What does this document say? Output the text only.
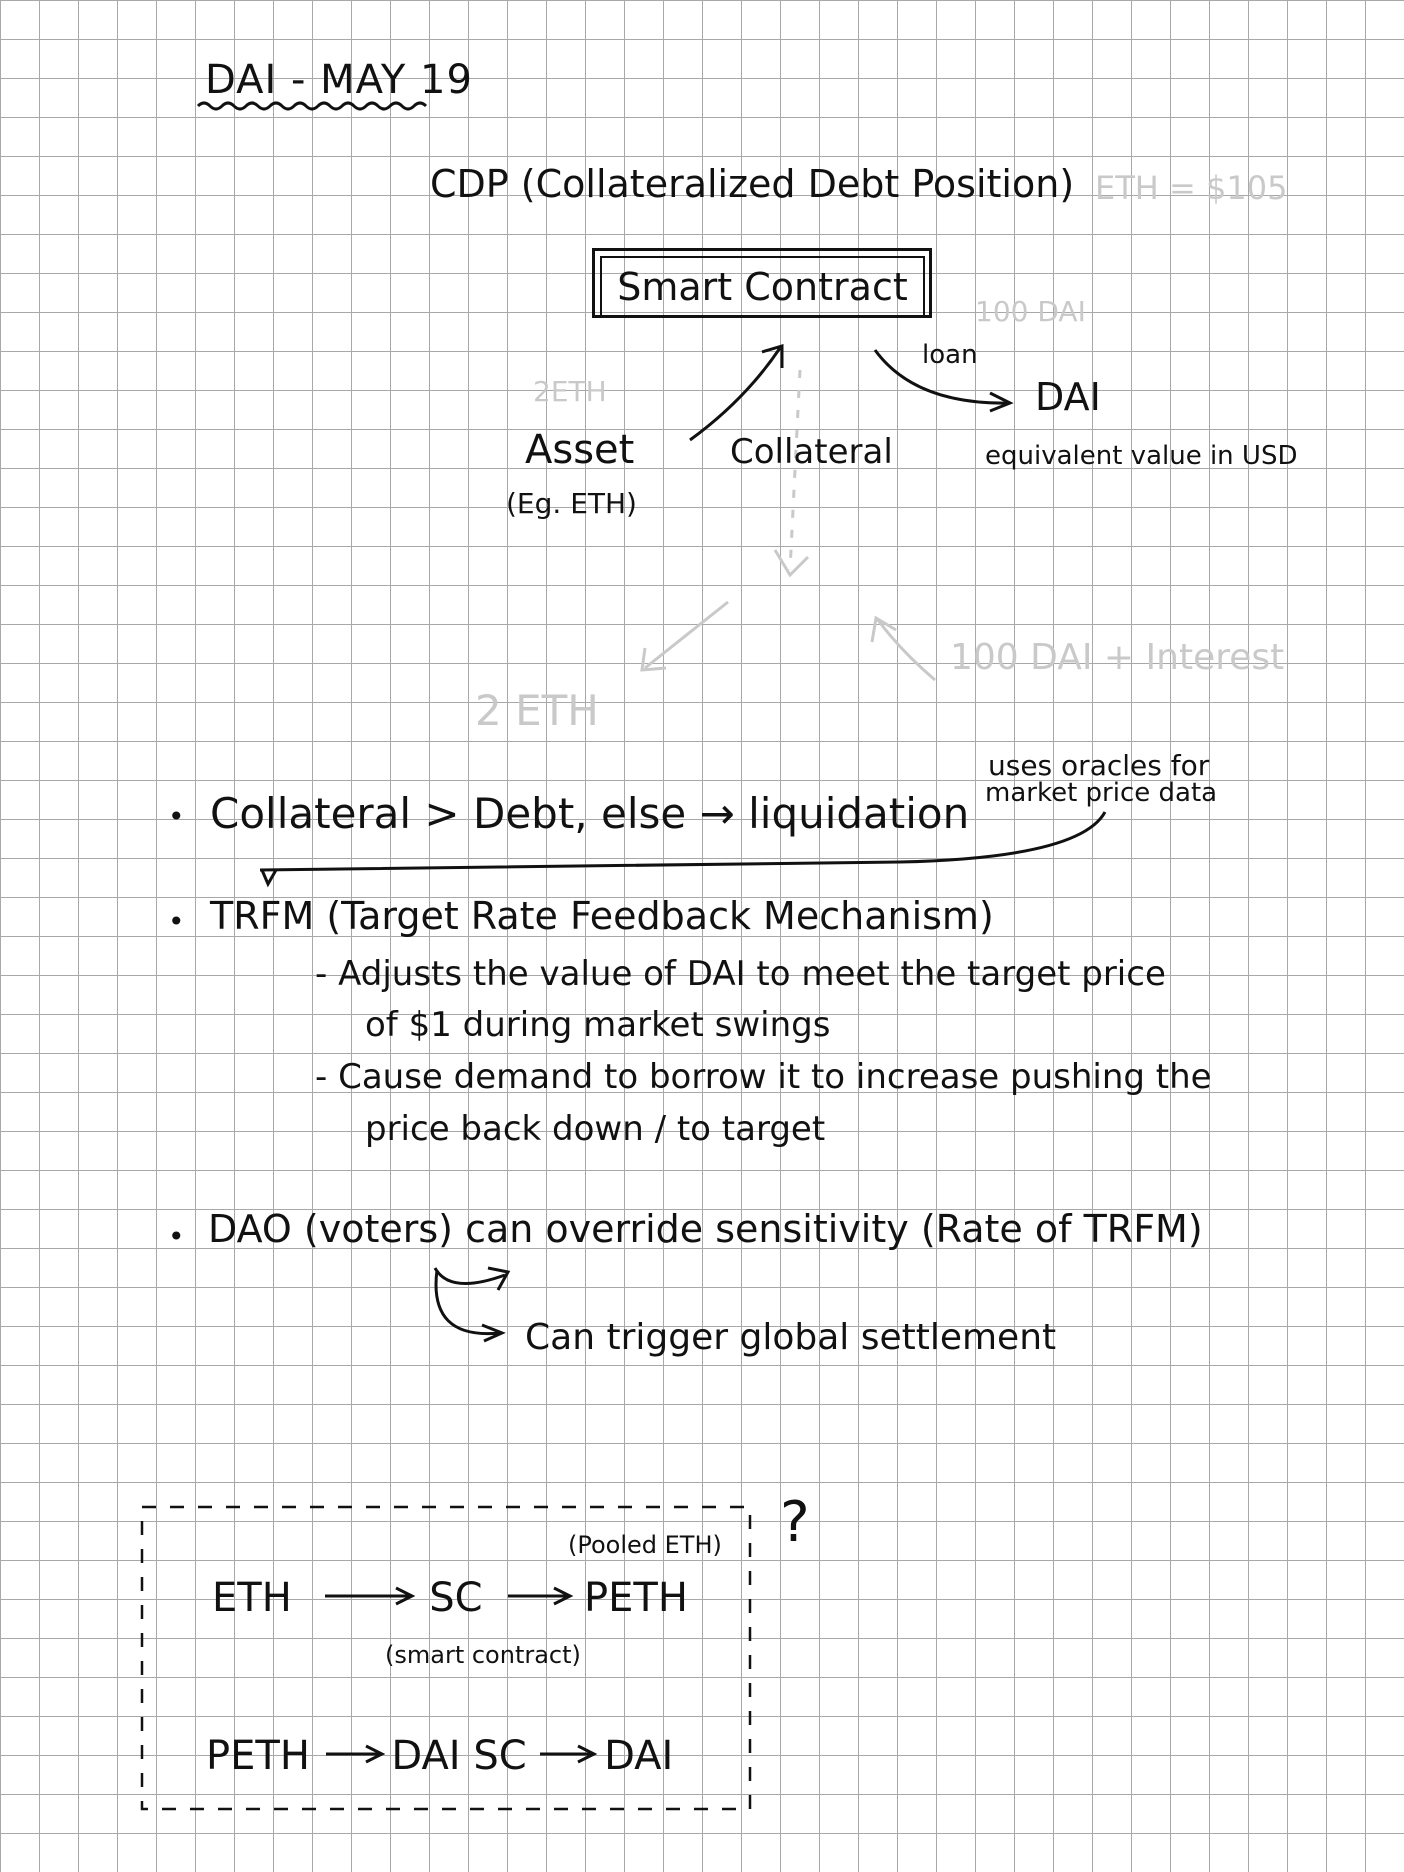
DAI - MAY 19
CDP (Collateralized Debt Position) ETH = $105
Smart Contract
100 DAI
loan
DAI
equivalent value in USD
2ETH
Asset
(Eg. ETH)
Collateral
100 DAI + Interest
2 ETH
uses oracles for
market price data
• Collateral > Debt, else → liquidation
• TRFM (Target Rate Feedback Mechanism)
- Adjusts the value of DAI to meet the target price
of $1 during market swings
- Cause demand to borrow it to increase pushing the
price back down / to target
• DAO (voters) can override sensitivity (Rate of TRFM)
Can trigger global settlement
?
(Pooled ETH)
ETH	SC	PETH
(smart contract)
PETH DAI SC DAI
